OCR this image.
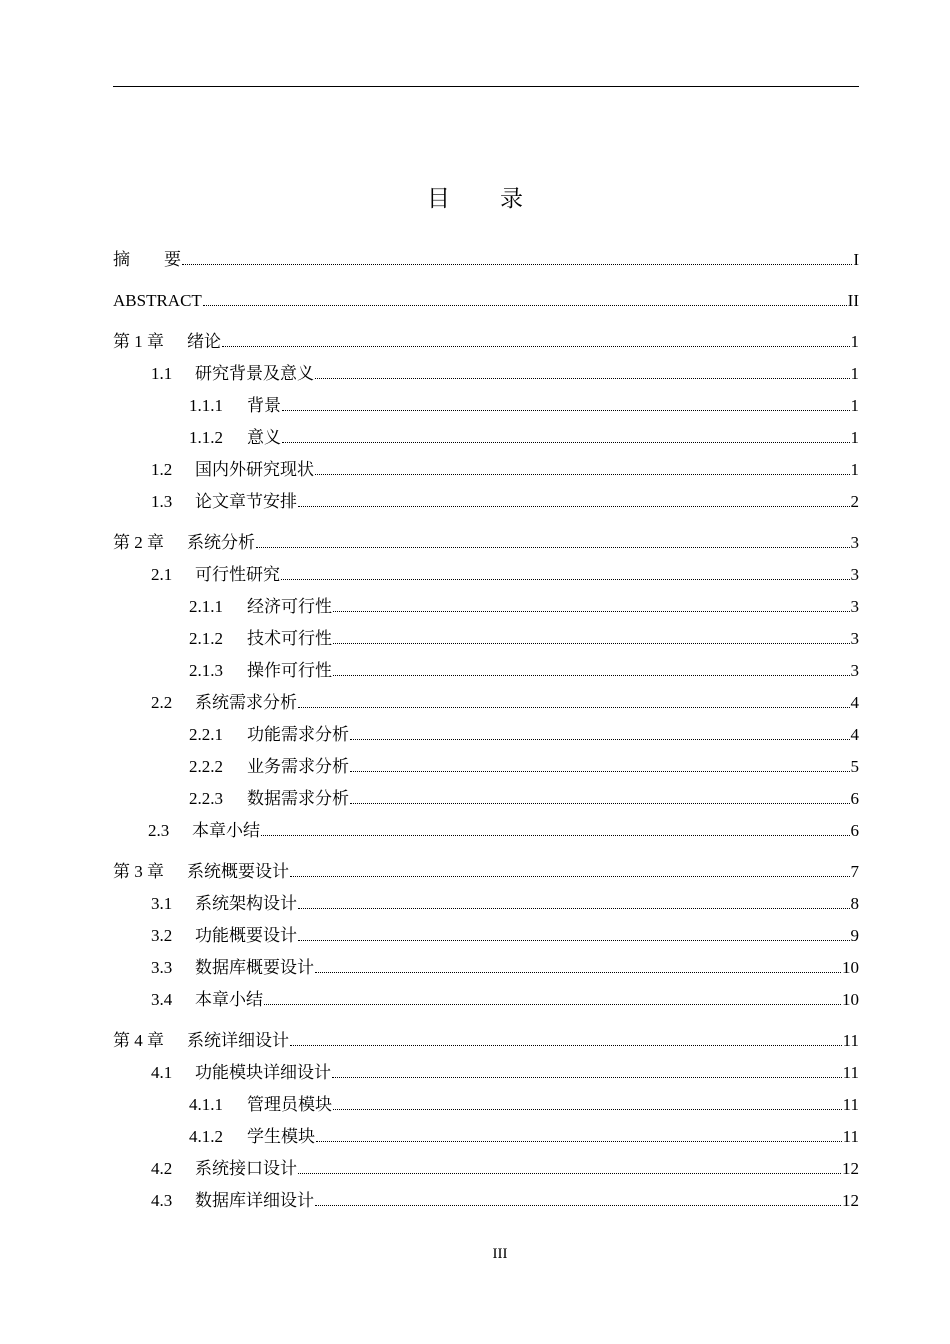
目 录
摘　　要	I
ABSTRACT	II
第 1 章	绪论	1
1.1	研究背景及意义	1
1.1.1	背景	1
1.1.2	意义	1
1.2	国内外研究现状	1
1.3	论文章节安排	2
第 2 章	系统分析	3
2.1	可行性研究	3
2.1.1	经济可行性	3
2.1.2	技术可行性	3
2.1.3	操作可行性	3
2.2	系统需求分析	4
2.2.1	功能需求分析	4
2.2.2	业务需求分析	5
2.2.3	数据需求分析	6
2.3	本章小结	6
第 3 章	系统概要设计	7
3.1	系统架构设计	8
3.2	功能概要设计	9
3.3	数据库概要设计	10
3.4	本章小结	10
第 4 章	系统详细设计	11
4.1	功能模块详细设计	11
4.1.1	管理员模块	11
4.1.2	学生模块	11
4.2	系统接口设计	12
4.3	数据库详细设计	12
III
